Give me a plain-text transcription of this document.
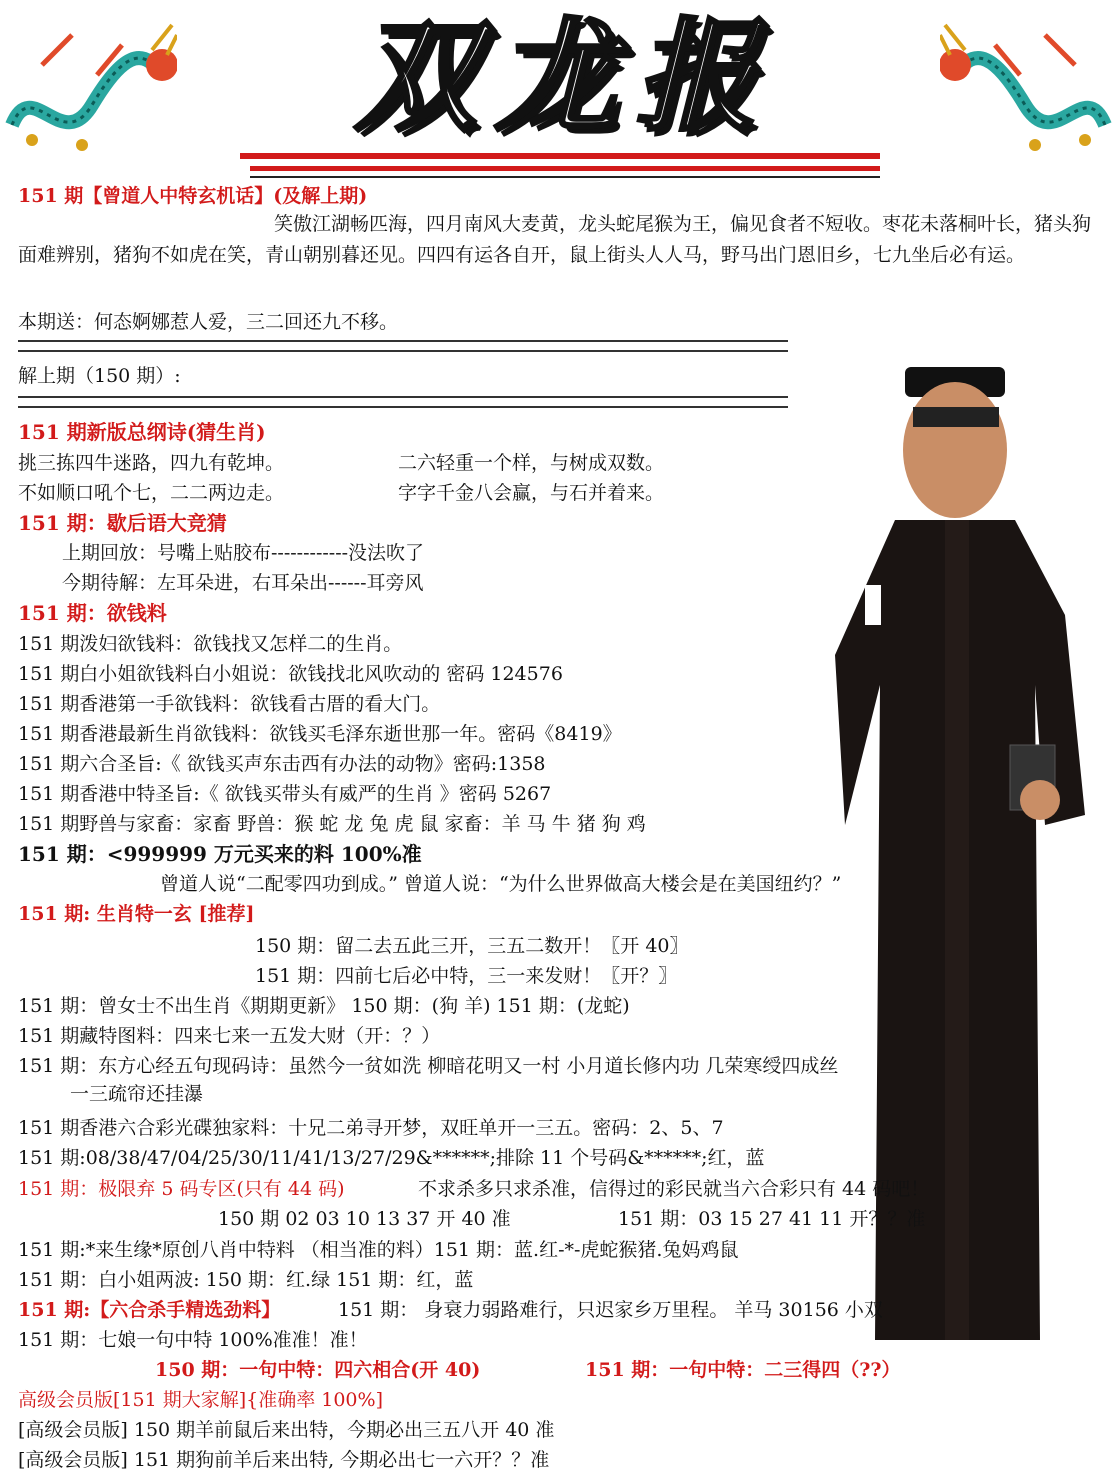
双龙报
151 期【曾道人中特玄机话】(及解上期)
笑傲江湖畅匹海，四月南风大麦黄，龙头蛇尾猴为王，偏见食者不短收。枣花未落桐叶长，猪头狗面难辨别，猪狗不如虎在笑，青山朝别暮还见。四四有运各自开，鼠上街头人人马，野马出门恩旧乡，七九坐后必有运。
本期送：何态婀娜惹人爱，三二回还九不移。
解上期（150 期）:
151 期新版总纲诗(猜生肖)
挑三拣四牛迷路，四九有乾坤。	二六轻重一个样，与树成双数。
不如顺口吼个七，二二两边走。	字字千金八会赢，与石并着来。
151 期：歇后语大竞猜
上期回放：号嘴上贴胶布------------没法吹了
今期待解：左耳朵进，右耳朵出------耳旁风
151 期：欲钱料
151 期泼妇欲钱料：欲钱找又怎样二的生肖。
151 期白小姐欲钱料白小姐说：欲钱找北风吹动的 密码 124576
151 期香港第一手欲钱料：欲钱看古厝的看大门。
151 期香港最新生肖欲钱料：欲钱买毛泽东逝世那一年。密码《8419》
151 期六合圣旨:《 欲钱买声东击西有办法的动物》密码:1358
151 期香港中特圣旨:《 欲钱买带头有威严的生肖 》密码 5267
151 期野兽与家畜：家畜 野兽：猴 蛇 龙 兔 虎 鼠 家畜：羊 马 牛 猪 狗 鸡
151 期：<999999 万元买来的料 100%准
曾道人说“二配零四功到成。” 曾道人说：“为什么世界做高大楼会是在美国纽约？”
151 期: 生肖特一玄 [推荐]
150 期：留二去五此三开，三五二数开！〖开 40〗
151 期：四前七后必中特，三一来发财！〖开？〗
151 期：曾女士不出生肖《期期更新》 150 期：(狗 羊) 151 期：(龙蛇)
151 期藏特图料：四来七来一五发大财（开：？）
151 期：东方心经五句现码诗：虽然今一贫如洗 柳暗花明又一村 小月道长修内功 几荣寒绶四成丝
一三疏帘还挂瀑
151 期香港六合彩光碟独家料：十兄二弟寻开梦，双旺单开一三五。密码：2、5、7
151 期:08/38/47/04/25/30/11/41/13/27/29&******;排除 11 个号码&******;红，蓝
151 期：极限弃 5 码专区(只有 44 码)	不求杀多只求杀准，信得过的彩民就当六合彩只有 44 码吧！
150 期 02 03 10 13 37 开 40 准	151 期：03 15 27 41 11 开？？准
151 期:*来生缘*原创八肖中特料 （相当准的料）151 期：蓝.红-*-虎蛇猴猪.兔妈鸡鼠
151 期：白小姐两波: 150 期：红.绿 151 期：红，蓝
151 期:【六合杀手精选劲料】	151 期： 身衰力弱路难行，只迟家乡万里程。 羊马 30156 小双
151 期：七娘一句中特 100%准准！准！
150 期：一句中特：四六相合(开 40)	151 期：一句中特：二三得四（??）
高级会员版[151 期大家解]{准确率 100%]
[高级会员版] 150 期羊前鼠后来出特，今期必出三五八开 40 准
[高级会员版] 151 期狗前羊后来出特, 今期必出七一六开？？准
